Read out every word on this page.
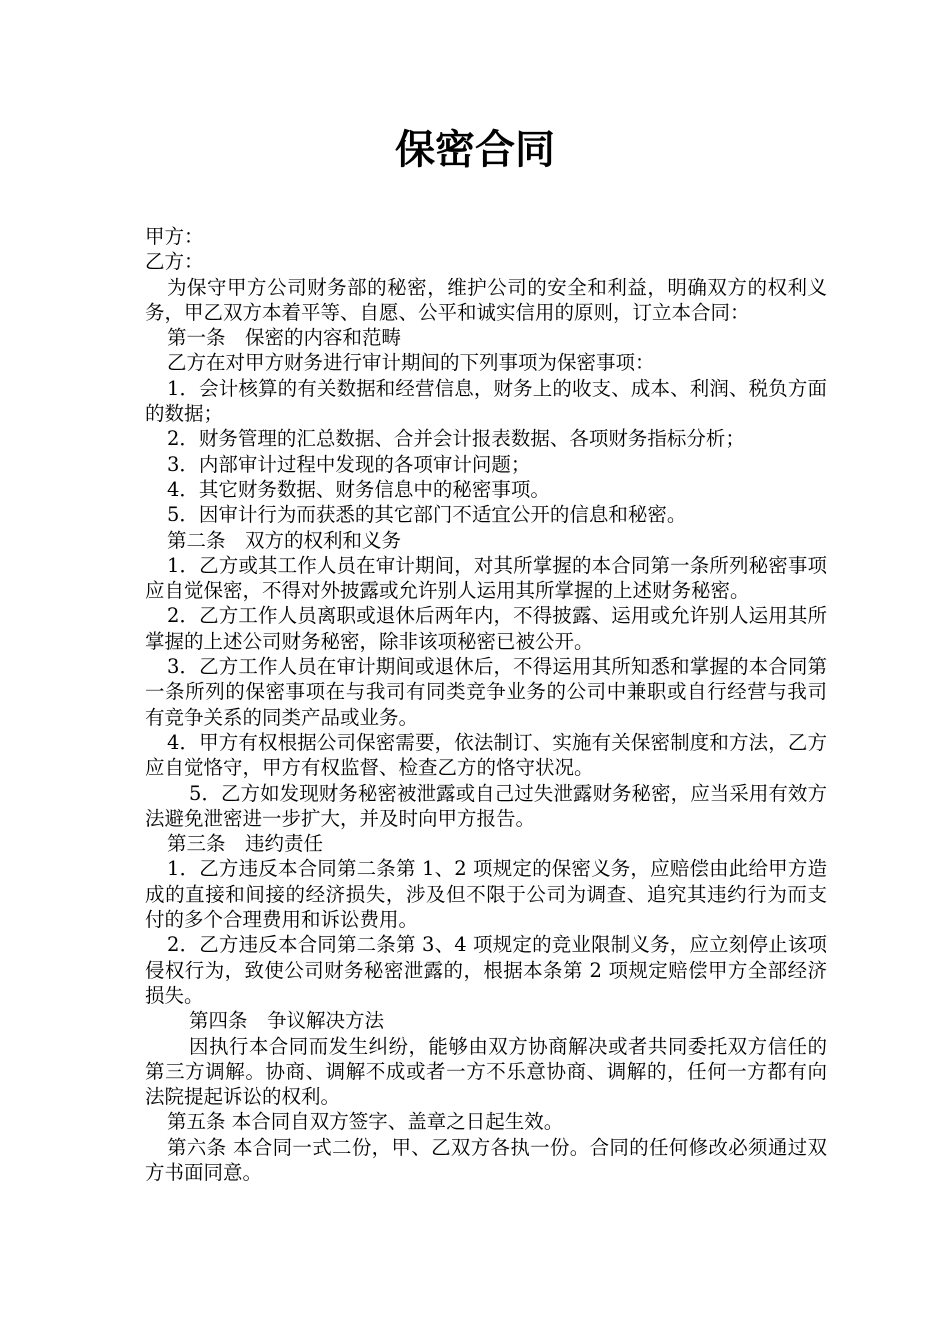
保密合同

甲方：

乙方：

为保守甲方公司财务部的秘密，维护公司的安全和利益，明确双方的权利义务，甲乙双方本着平等、自愿、公平和诚实信用的原则，订立本合同：

第一条　保密的内容和范畴

乙方在对甲方财务进行审计期间的下列事项为保密事项：

1．会计核算的有关数据和经营信息，财务上的收支、成本、利润、税负方面的数据；

2．财务管理的汇总数据、合并会计报表数据、各项财务指标分析；

3．内部审计过程中发现的各项审计问题；

4．其它财务数据、财务信息中的秘密事项。

5．因审计行为而获悉的其它部门不适宜公开的信息和秘密。

第二条　双方的权利和义务

1．乙方或其工作人员在审计期间，对其所掌握的本合同第一条所列秘密事项应自觉保密，不得对外披露或允许别人运用其所掌握的上述财务秘密。

2．乙方工作人员离职或退休后两年内，不得披露、运用或允许别人运用其所掌握的上述公司财务秘密，除非该项秘密已被公开。

3．乙方工作人员在审计期间或退休后，不得运用其所知悉和掌握的本合同第一条所列的保密事项在与我司有同类竞争业务的公司中兼职或自行经营与我司有竞争关系的同类产品或业务。

4．甲方有权根据公司保密需要，依法制订、实施有关保密制度和方法，乙方应自觉恪守，甲方有权监督、检查乙方的恪守状况。

5．乙方如发现财务秘密被泄露或自己过失泄露财务秘密，应当采用有效方法避免泄密进一步扩大，并及时向甲方报告。

第三条　违约责任

1．乙方违反本合同第二条第 1、2 项规定的保密义务，应赔偿由此给甲方造成的直接和间接的经济损失，涉及但不限于公司为调查、追究其违约行为而支付的多个合理费用和诉讼费用。

2．乙方违反本合同第二条第 3、4 项规定的竞业限制义务，应立刻停止该项侵权行为，致使公司财务秘密泄露的，根据本条第 2 项规定赔偿甲方全部经济损失。

第四条　争议解决方法

因执行本合同而发生纠纷，能够由双方协商解决或者共同委托双方信任的第三方调解。协商、调解不成或者一方不乐意协商、调解的，任何一方都有向法院提起诉讼的权利。

第五条 本合同自双方签字、盖章之日起生效。

第六条 本合同一式二份，甲、乙双方各执一份。合同的任何修改必须通过双方书面同意。
